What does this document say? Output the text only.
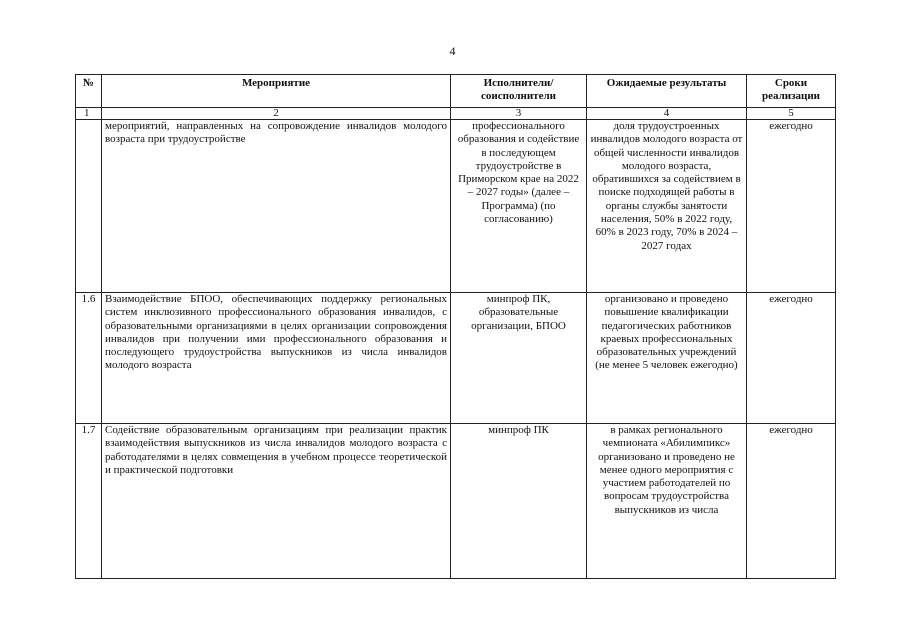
4
№	Мероприятие	Исполнители/ соисполнители	Ожидаемые результаты	Сроки реализации
1	2	3	4	5

	мероприятий, направленных на сопровождение инвалидов молодого возраста при трудоустройстве	профессионального образования и содействие в последующем трудоустройстве в Приморском крае на 2022 – 2027 годы» (далее – Программа) (по согласованию)	доля трудоустроенных инвалидов молодого возраста от общей численности инвалидов молодого возраста, обратившихся за содействием в поиске подходящей работы в органы службы занятости населения, 50% в 2022 году, 60% в 2023 году, 70% в 2024 – 2027 годах	ежегодно
1.6	Взаимодействие БПОО, обеспечивающих поддержку региональных систем инклюзивного профессионального образования инвалидов, с образовательными организациями в целях организации сопровождения инвалидов при получении ими профессионального образования и последующего трудоустройства выпускников из числа инвалидов молодого возраста	минпроф ПК, образовательные организации, БПОО	организовано и проведено повышение квалификации педагогических работников краевых профессиональных образовательных учреждений (не менее 5 человек ежегодно)	ежегодно
1.7	Содействие образовательным организациям при реализации практик взаимодействия выпускников из числа инвалидов молодого возраста с работодателями в целях совмещения в учебном процессе теоретической и практической подготовки	минпроф ПК	в рамках регионального чемпионата «Абилимпикс» организовано и проведено не менее одного мероприятия с участием работодателей по вопросам трудоустройства выпускников из числа	ежегодно
